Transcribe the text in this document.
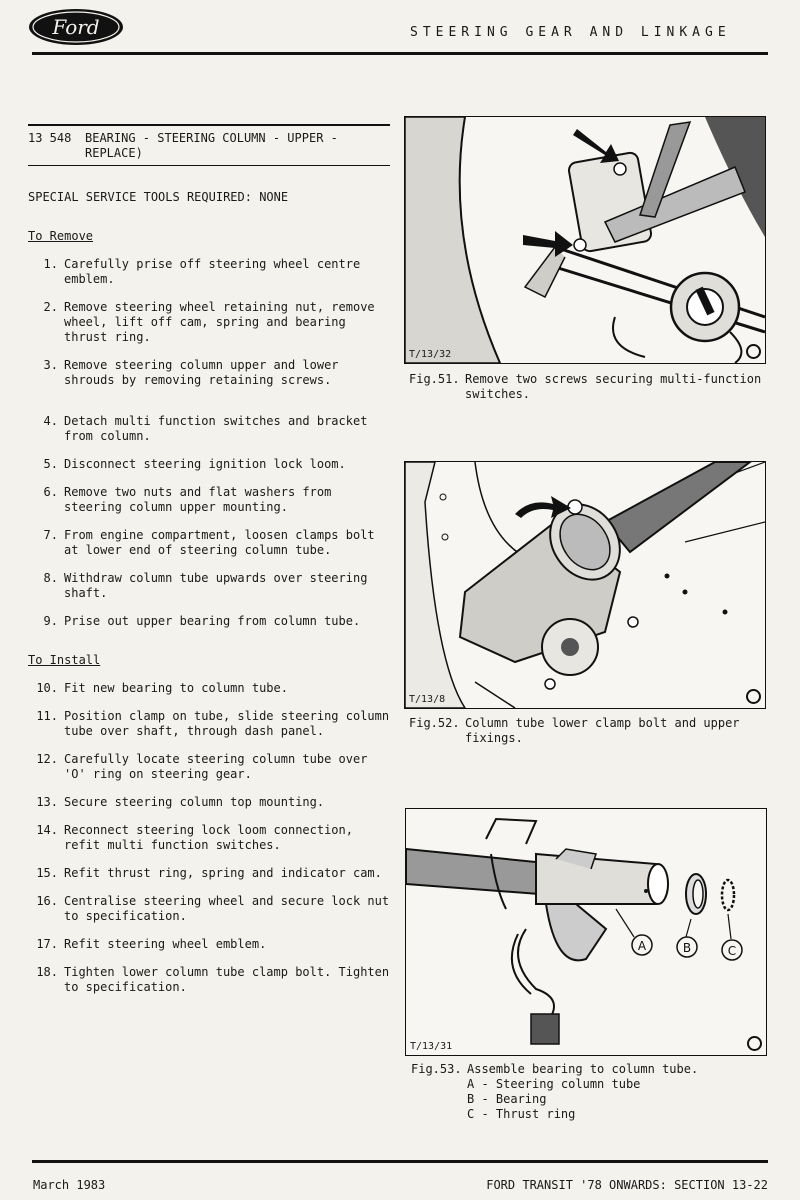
Ford	STEERING GEAR AND LINKAGE
13 548	BEARING - STEERING COLUMN - UPPER - REPLACE)
SPECIAL SERVICE TOOLS REQUIRED: NONE
To Remove
1. Carefully prise off steering wheel centre emblem.
2. Remove steering wheel retaining nut, remove wheel, lift off cam, spring and bearing thrust ring.
3. Remove steering column upper and lower shrouds by removing retaining screws.
4. Detach multi function switches and bracket from column.
5. Disconnect steering ignition lock loom.
6. Remove two nuts and flat washers from steering column upper mounting.
7. From engine compartment, loosen clamps bolt at lower end of steering column tube.
8. Withdraw column tube upwards over steering shaft.
9. Prise out upper bearing from column tube.
To Install
10. Fit new bearing to column tube.
11. Position clamp on tube, slide steering column tube over shaft, through dash panel.
12. Carefully locate steering column tube over 'O' ring on steering gear.
13. Secure steering column top mounting.
14. Reconnect steering lock loom connection, refit multi function switches.
15. Refit thrust ring, spring and indicator cam.
16. Centralise steering wheel and secure lock nut to specification.
17. Refit steering wheel emblem.
18. Tighten lower column tube clamp bolt. Tighten to specification.
T/13/32
Fig.51. Remove two screws securing multi-function switches.
T/13/8
Fig.52. Column tube lower clamp bolt and upper fixings.
A	B	C
T/13/31
Fig.53. Assemble bearing to column tube.
A - Steering column tube
B - Bearing
C - Thrust ring
March 1983	FORD TRANSIT '78 ONWARDS: SECTION 13-22
